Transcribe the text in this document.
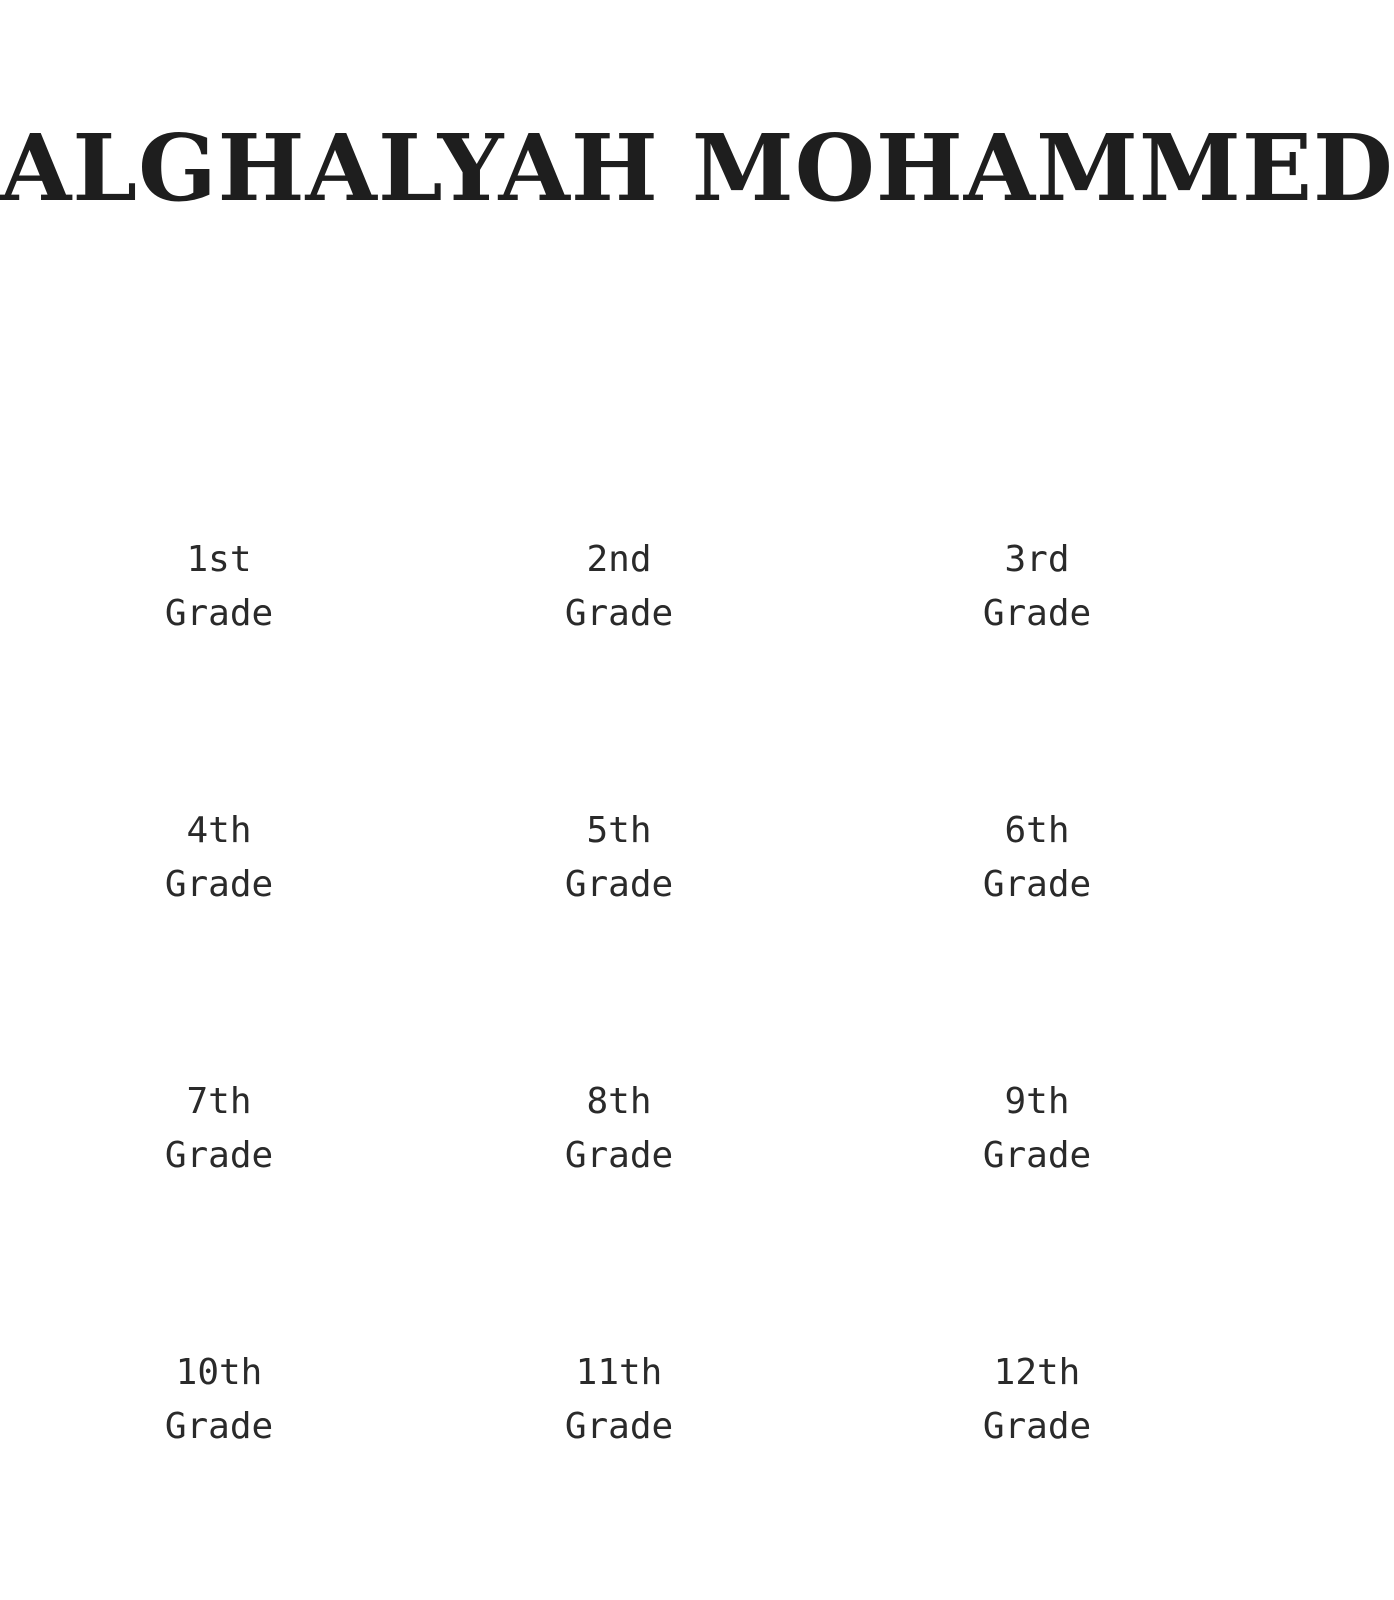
ALGHALYAH MOHAMMED
1st
Grade
2nd
Grade
3rd
Grade
4th
Grade
5th
Grade
6th
Grade
7th
Grade
8th
Grade
9th
Grade
10th
Grade
11th
Grade
12th
Grade
